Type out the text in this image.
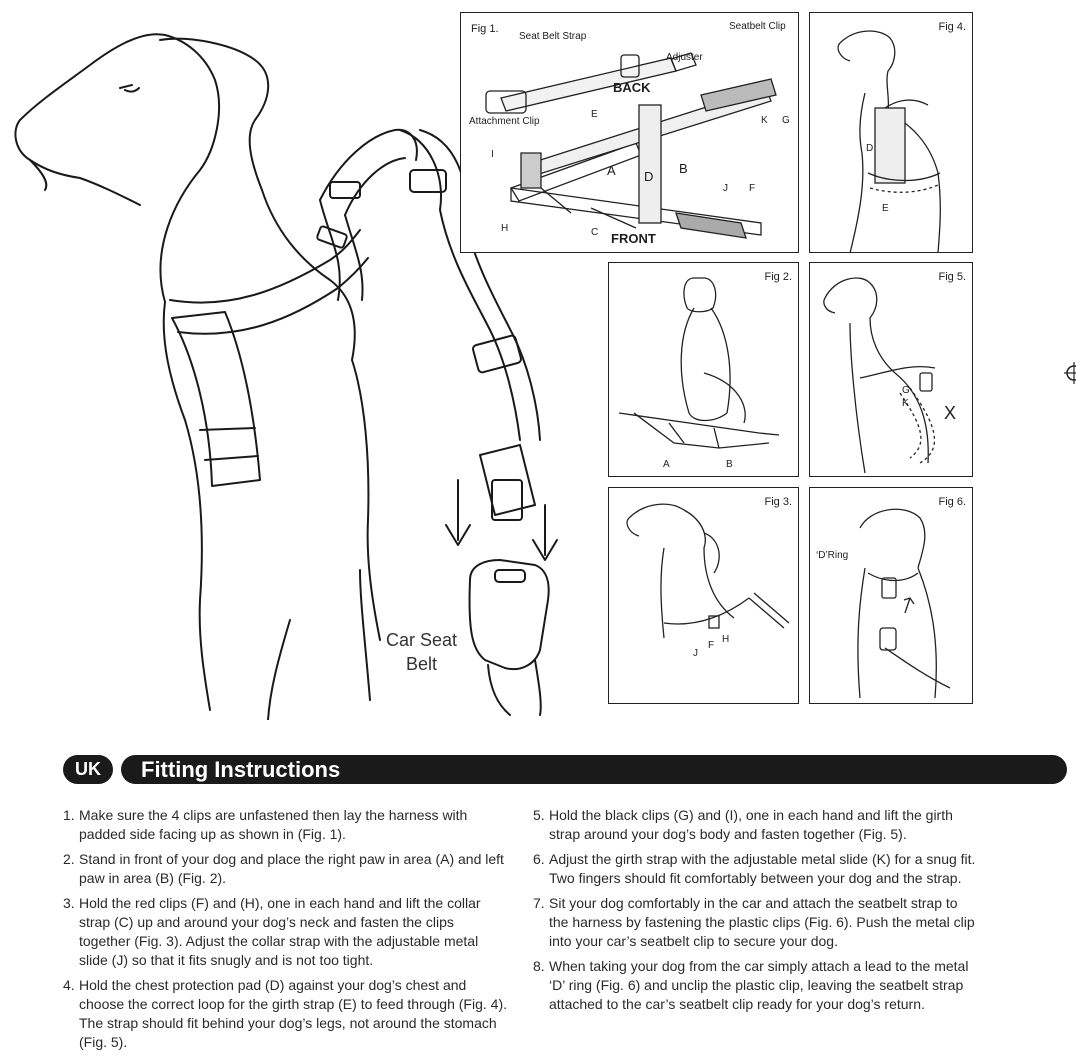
Car Seat
Belt
Fig 1.
Seat Belt Strap
Seatbelt Clip
Adjuster
BACK
Attachment Clip
E
K G
I
A D
B
J F
H	C FRONT
Fig 4.
D
E
Fig 2.
A	B
Fig 5.
G
K X
Fig 3.
J
F
H
Fig 6.
‘D’Ring
UK	Fitting Instructions
1. Make sure the 4 clips are unfastened then lay the harness with padded side facing up as shown in (Fig. 1).
2. Stand in front of your dog and place the right paw in area (A) and left paw in area (B) (Fig. 2).
3. Hold the red clips (F) and (H), one in each hand and lift the collar strap (C) up and around your dog’s neck and fasten the clips together (Fig. 3). Adjust the collar strap with the adjustable metal slide (J) so that it fits snugly and is not too tight.
4. Hold the chest protection pad (D) against your dog’s chest and choose the correct loop for the girth strap (E) to feed through (Fig. 4). The strap should fit behind your dog’s legs, not around the stomach (Fig. 5).
5. Hold the black clips (G) and (I), one in each hand and lift the girth strap around your dog’s body and fasten together (Fig. 5).
6. Adjust the girth strap with the adjustable metal slide (K) for a snug fit. Two fingers should fit comfortably between your dog and the strap.
7. Sit your dog comfortably in the car and attach the seatbelt strap to the harness by fastening the plastic clips (Fig. 6). Push the metal clip into your car’s seatbelt clip to secure your dog.
8. When taking your dog from the car simply attach a lead to the metal ‘D’ ring (Fig. 6) and unclip the plastic clip, leaving the seatbelt strap attached to the car’s seatbelt clip ready for your dog’s return.
